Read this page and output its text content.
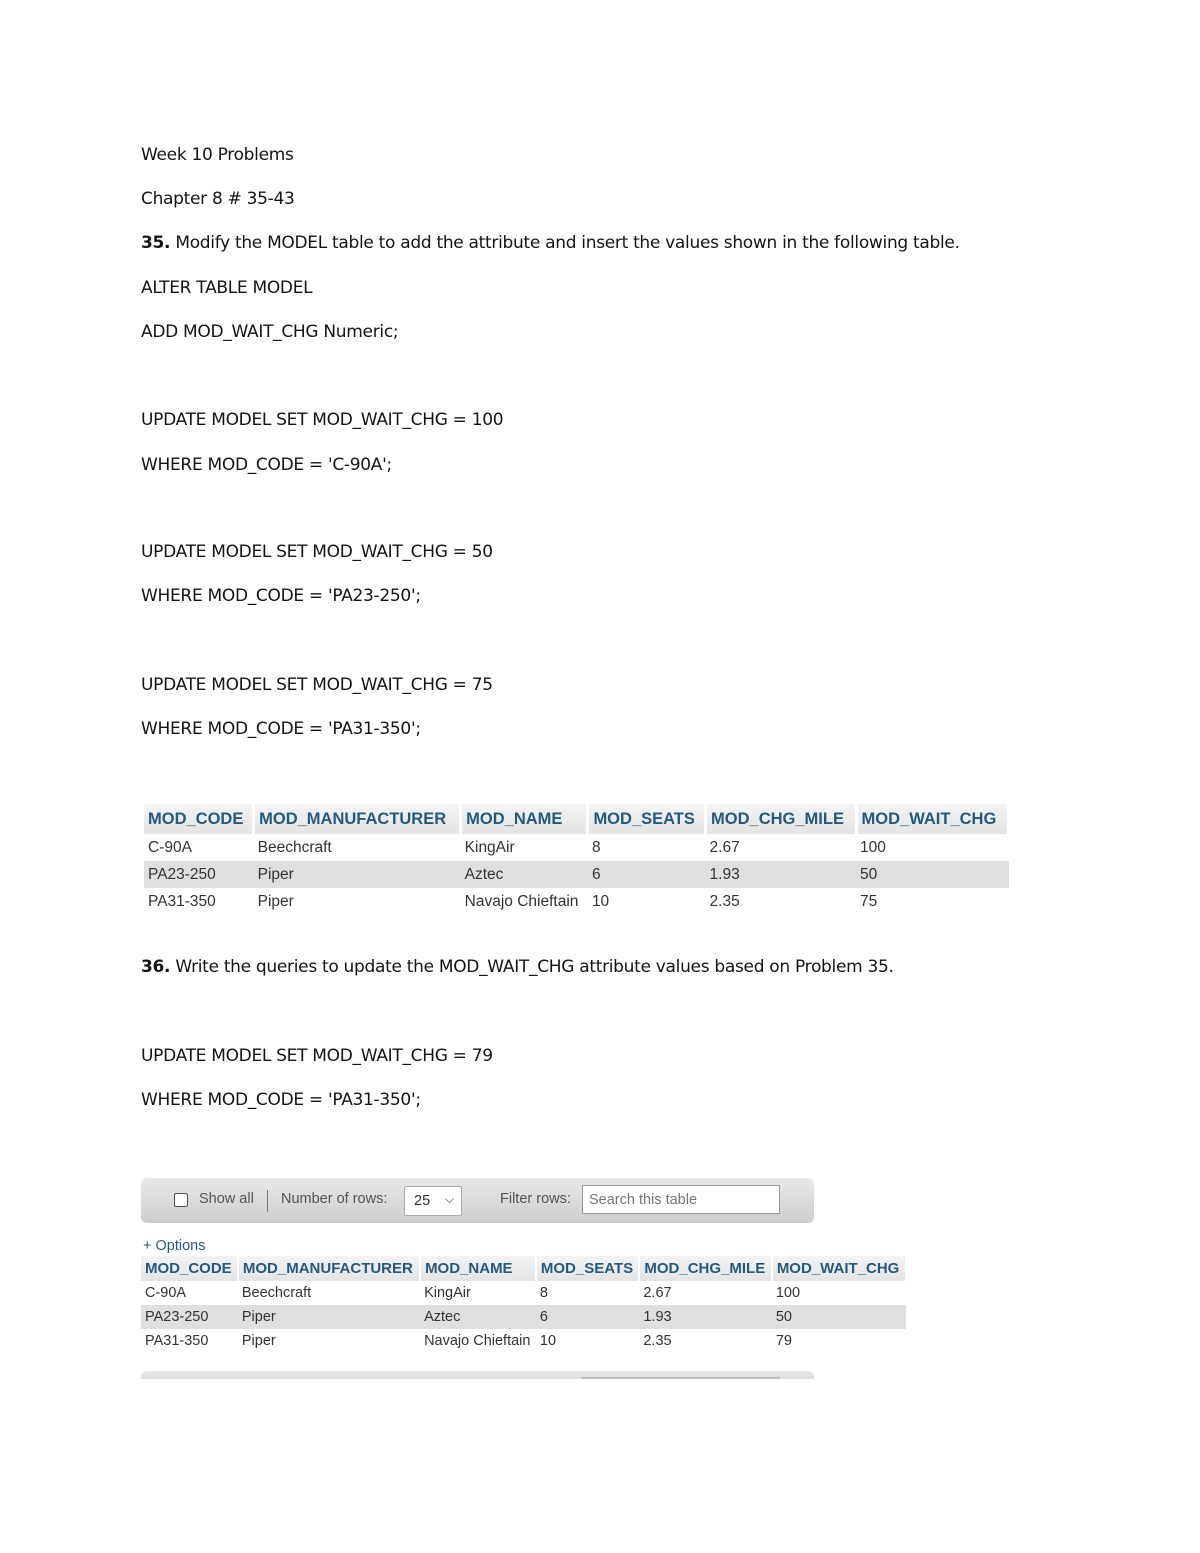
Week 10 Problems
Chapter 8 # 35-43
35. Modify the MODEL table to add the attribute and insert the values shown in the following table.
ALTER TABLE MODEL
ADD MOD_WAIT_CHG Numeric;
UPDATE MODEL SET MOD_WAIT_CHG = 100
WHERE MOD_CODE = 'C-90A';
UPDATE MODEL SET MOD_WAIT_CHG = 50
WHERE MOD_CODE = 'PA23-250';
UPDATE MODEL SET MOD_WAIT_CHG = 75
WHERE MOD_CODE = 'PA31-350';
MOD_CODE	MOD_MANUFACTURER	MOD_NAME	MOD_SEATS	MOD_CHG_MILE	MOD_WAIT_CHG
C-90A	Beechcraft	KingAir	8	2.67	100
PA23-250	Piper	Aztec	6	1.93	50
PA31-350	Piper	Navajo Chieftain	10	2.35	75
36. Write the queries to update the MOD_WAIT_CHG attribute values based on Problem 35.
UPDATE MODEL SET MOD_WAIT_CHG = 79
WHERE MOD_CODE = 'PA31-350';
Show all Number of rows: 25 ⌵	Filter rows:
Search this table
+ Options
MOD_CODE	MOD_MANUFACTURER	MOD_NAME	MOD_SEATS	MOD_CHG_MILE	MOD_WAIT_CHG
C-90A	Beechcraft	KingAir	8	2.67	100
PA23-250	Piper	Aztec	6	1.93	50
PA31-350	Piper	Navajo Chieftain	10	2.35	79
